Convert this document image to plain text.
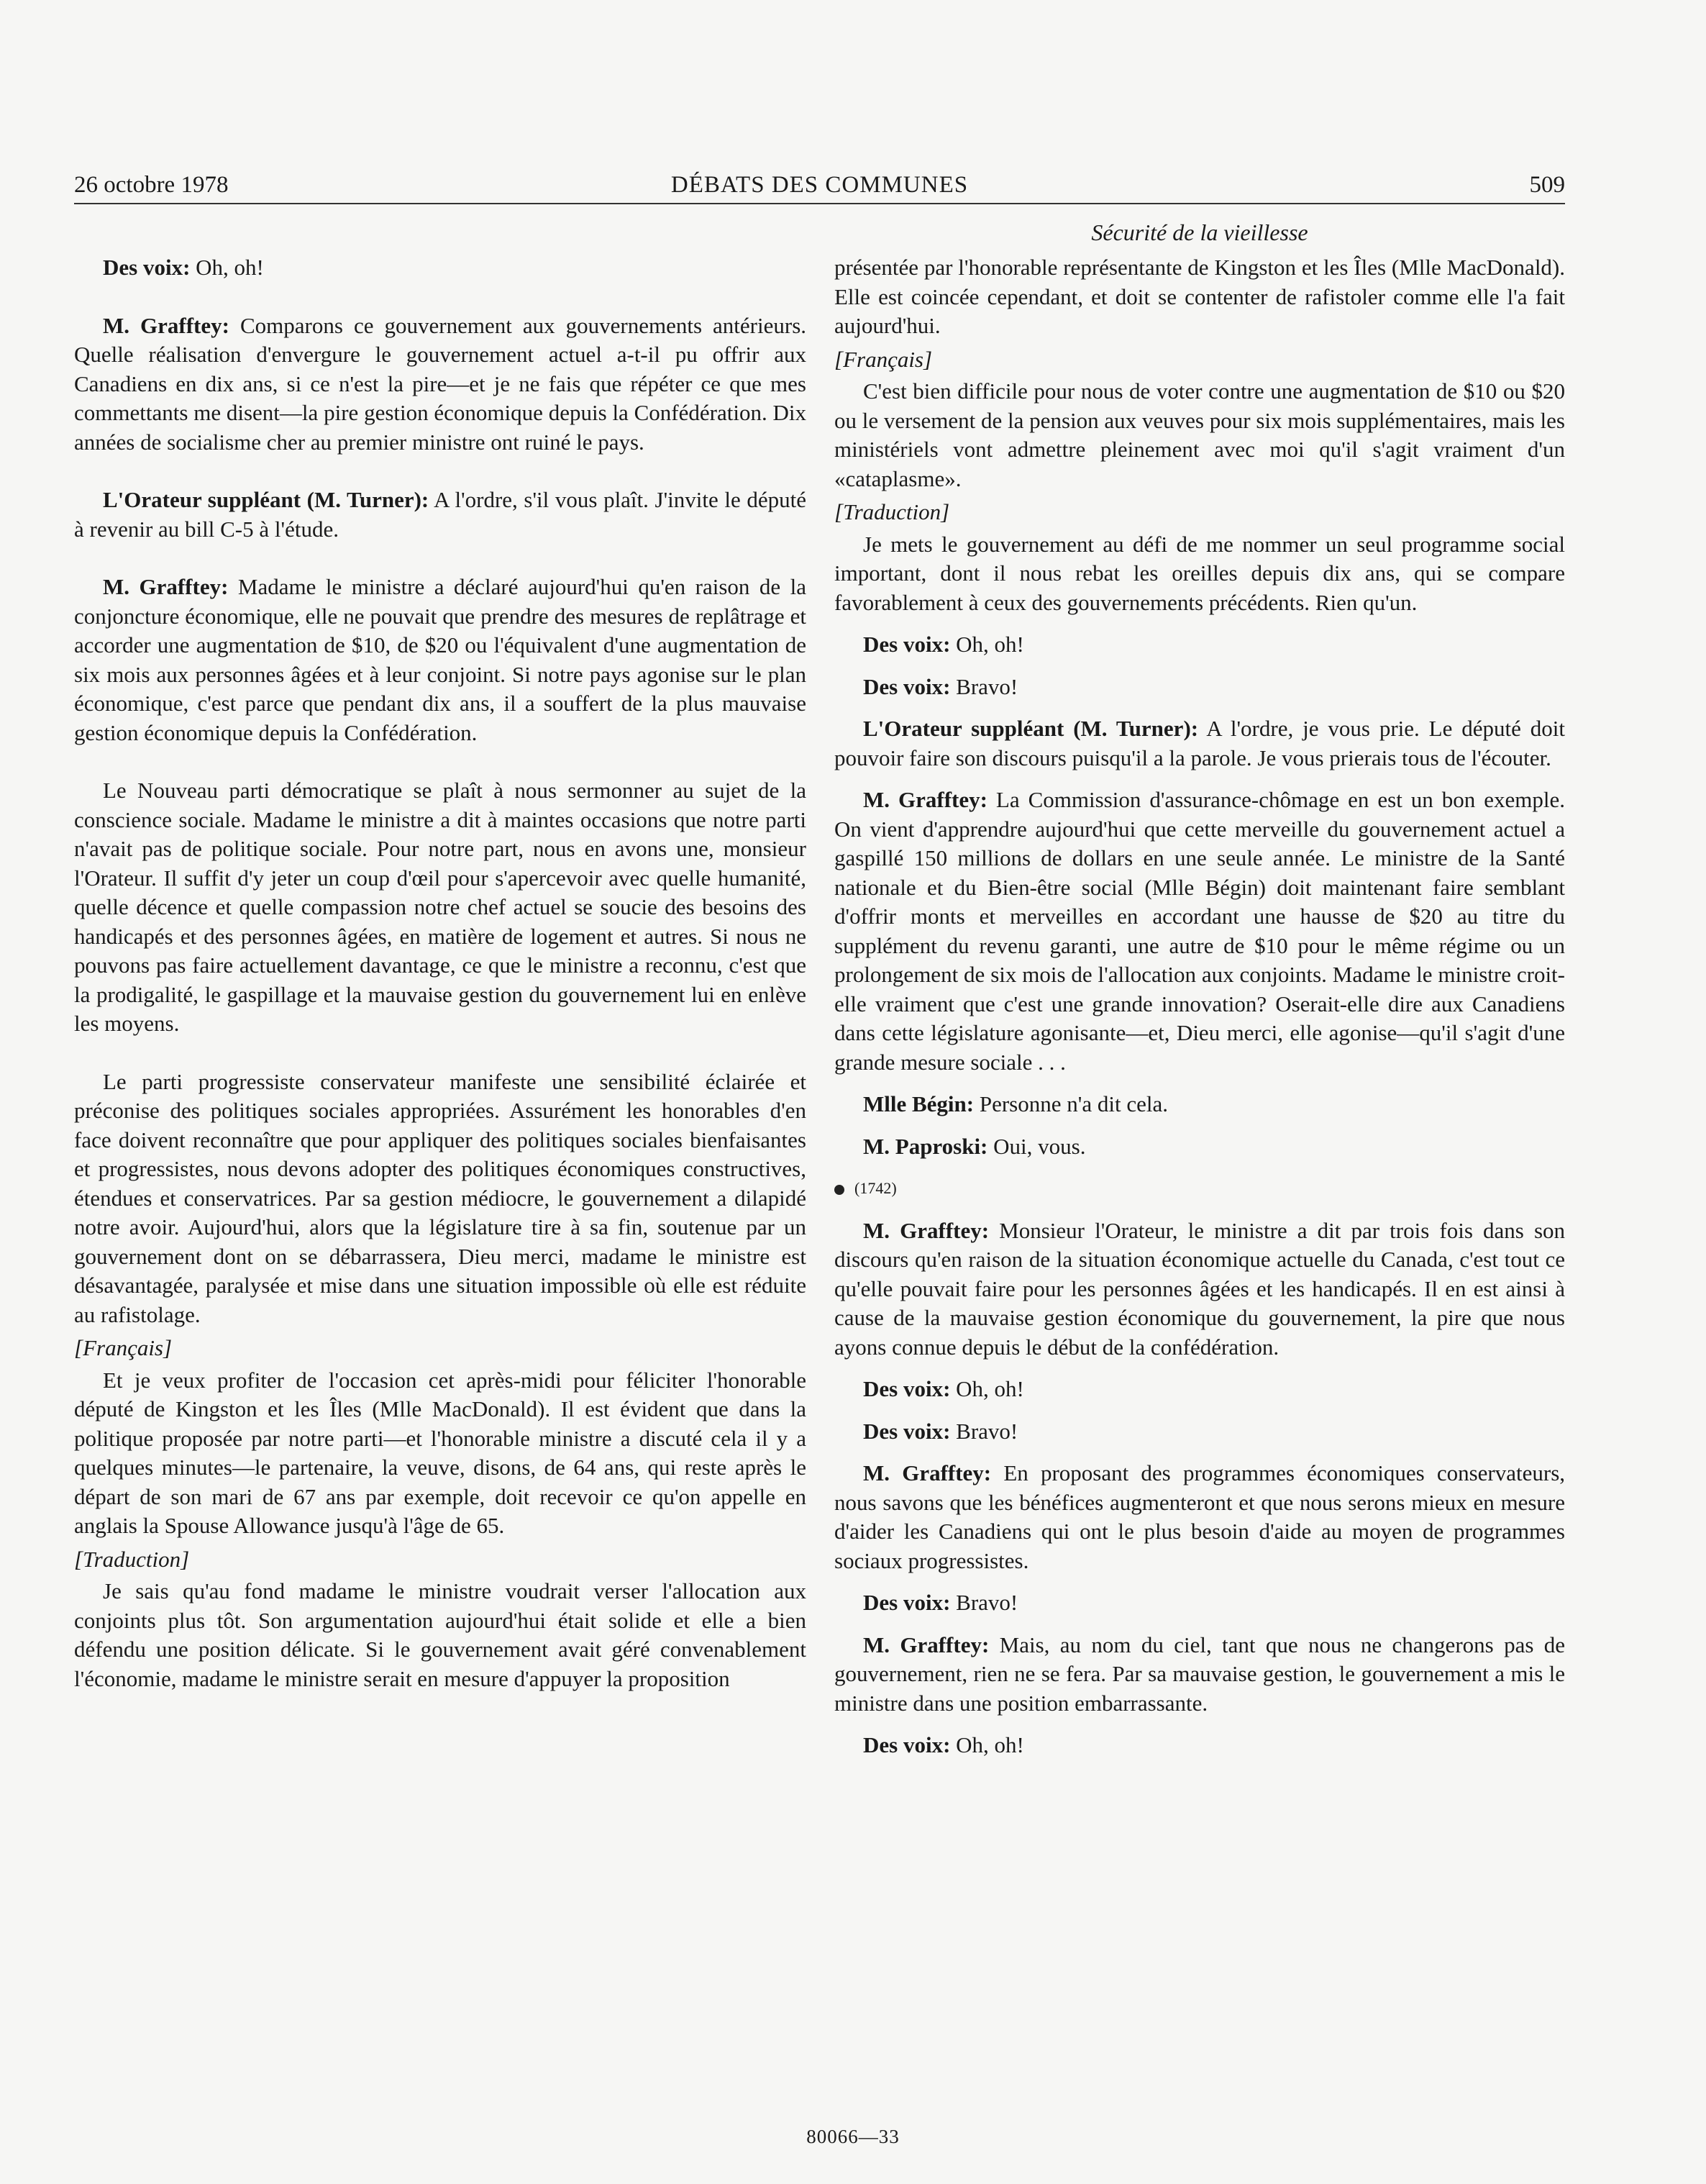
26 octobre 1978	DÉBATS DES COMMUNES	509
Sécurité de la vieillesse

Des voix: Oh, oh!

M. Grafftey: Comparons ce gouvernement aux gouvernements antérieurs. Quelle réalisation d'envergure le gouvernement actuel a-t-il pu offrir aux Canadiens en dix ans, si ce n'est la pire—et je ne fais que répéter ce que mes commettants me disent—la pire gestion économique depuis la Confédération. Dix années de socialisme cher au premier ministre ont ruiné le pays.

L'Orateur suppléant (M. Turner): A l'ordre, s'il vous plaît. J'invite le député à revenir au bill C-5 à l'étude.

M. Grafftey: Madame le ministre a déclaré aujourd'hui qu'en raison de la conjoncture économique, elle ne pouvait que prendre des mesures de replâtrage et accorder une augmentation de $10, de $20 ou l'équivalent d'une augmentation de six mois aux personnes âgées et à leur conjoint. Si notre pays agonise sur le plan économique, c'est parce que pendant dix ans, il a souffert de la plus mauvaise gestion économique depuis la Confédération.

Le Nouveau parti démocratique se plaît à nous sermonner au sujet de la conscience sociale. Madame le ministre a dit à maintes occasions que notre parti n'avait pas de politique sociale. Pour notre part, nous en avons une, monsieur l'Orateur. Il suffit d'y jeter un coup d'œil pour s'apercevoir avec quelle humanité, quelle décence et quelle compassion notre chef actuel se soucie des besoins des handicapés et des personnes âgées, en matière de logement et autres. Si nous ne pouvons pas faire actuellement davantage, ce que le ministre a reconnu, c'est que la prodigalité, le gaspillage et la mauvaise gestion du gouvernement lui en enlève les moyens.

Le parti progressiste conservateur manifeste une sensibilité éclairée et préconise des politiques sociales appropriées. Assurément les honorables d'en face doivent reconnaître que pour appliquer des politiques sociales bienfaisantes et progressistes, nous devons adopter des politiques économiques constructives, étendues et conservatrices. Par sa gestion médiocre, le gouvernement a dilapidé notre avoir. Aujourd'hui, alors que la législature tire à sa fin, soutenue par un gouvernement dont on se débarrassera, Dieu merci, madame le ministre est désavantagée, paralysée et mise dans une situation impossible où elle est réduite au rafistolage.

[Français]

Et je veux profiter de l'occasion cet après-midi pour féliciter l'honorable député de Kingston et les Îles (Mlle MacDonald). Il est évident que dans la politique proposée par notre parti—et l'honorable ministre a discuté cela il y a quelques minutes—le partenaire, la veuve, disons, de 64 ans, qui reste après le départ de son mari de 67 ans par exemple, doit recevoir ce qu'on appelle en anglais la Spouse Allowance jusqu'à l'âge de 65.

[Traduction]

Je sais qu'au fond madame le ministre voudrait verser l'allocation aux conjoints plus tôt. Son argumentation aujourd'hui était solide et elle a bien défendu une position délicate. Si le gouvernement avait géré convenablement l'économie, madame le ministre serait en mesure d'appuyer la proposition

présentée par l'honorable représentante de Kingston et les Îles (Mlle MacDonald). Elle est coincée cependant, et doit se contenter de rafistoler comme elle l'a fait aujourd'hui.

[Français]

C'est bien difficile pour nous de voter contre une augmentation de $10 ou $20 ou le versement de la pension aux veuves pour six mois supplémentaires, mais les ministériels vont admettre pleinement avec moi qu'il s'agit vraiment d'un «cataplasme».

[Traduction]

Je mets le gouvernement au défi de me nommer un seul programme social important, dont il nous rebat les oreilles depuis dix ans, qui se compare favorablement à ceux des gouvernements précédents. Rien qu'un.

Des voix: Oh, oh!

Des voix: Bravo!

L'Orateur suppléant (M. Turner): A l'ordre, je vous prie. Le député doit pouvoir faire son discours puisqu'il a la parole. Je vous prierais tous de l'écouter.

M. Grafftey: La Commission d'assurance-chômage en est un bon exemple. On vient d'apprendre aujourd'hui que cette merveille du gouvernement actuel a gaspillé 150 millions de dollars en une seule année. Le ministre de la Santé nationale et du Bien-être social (Mlle Bégin) doit maintenant faire semblant d'offrir monts et merveilles en accordant une hausse de $20 au titre du supplément du revenu garanti, une autre de $10 pour le même régime ou un prolongement de six mois de l'allocation aux conjoints. Madame le ministre croit-elle vraiment que c'est une grande innovation? Oserait-elle dire aux Canadiens dans cette législature agonisante—et, Dieu merci, elle agonise—qu'il s'agit d'une grande mesure sociale . . .

Mlle Bégin: Personne n'a dit cela.

M. Paproski: Oui, vous.

(1742)

M. Grafftey: Monsieur l'Orateur, le ministre a dit par trois fois dans son discours qu'en raison de la situation économique actuelle du Canada, c'est tout ce qu'elle pouvait faire pour les personnes âgées et les handicapés. Il en est ainsi à cause de la mauvaise gestion économique du gouvernement, la pire que nous ayons connue depuis le début de la confédération.

Des voix: Oh, oh!

Des voix: Bravo!

M. Grafftey: En proposant des programmes économiques conservateurs, nous savons que les bénéfices augmenteront et que nous serons mieux en mesure d'aider les Canadiens qui ont le plus besoin d'aide au moyen de programmes sociaux progressistes.

Des voix: Bravo!

M. Grafftey: Mais, au nom du ciel, tant que nous ne changerons pas de gouvernement, rien ne se fera. Par sa mauvaise gestion, le gouvernement a mis le ministre dans une position embarrassante.

Des voix: Oh, oh!

80066—33
